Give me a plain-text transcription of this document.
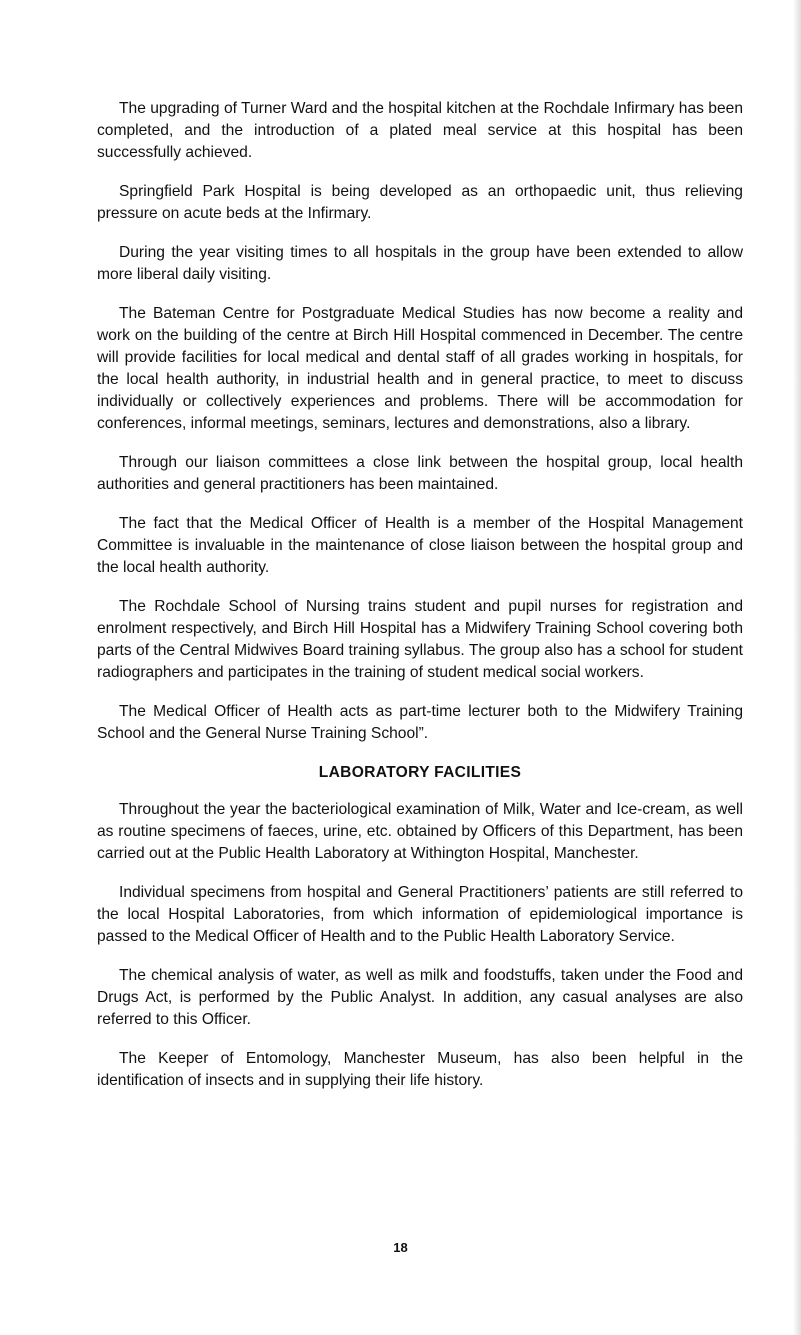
The upgrading of Turner Ward and the hospital kitchen at the Rochdale Infirmary has been completed, and the introduction of a plated meal service at this hospital has been successfully achieved.

Springfield Park Hospital is being developed as an orthopaedic unit, thus relieving pressure on acute beds at the Infirmary.

During the year visiting times to all hospitals in the group have been extended to allow more liberal daily visiting.

The Bateman Centre for Postgraduate Medical Studies has now become a reality and work on the building of the centre at Birch Hill Hospital commenced in December. The centre will provide facilities for local medical and dental staff of all grades working in hospitals, for the local health authority, in industrial health and in general practice, to meet to discuss individually or collectively experiences and problems. There will be accommodation for conferences, informal meetings, seminars, lectures and demonstrations, also a library.

Through our liaison committees a close link between the hospital group, local health authorities and general practitioners has been maintained.

The fact that the Medical Officer of Health is a member of the Hospital Management Committee is invaluable in the maintenance of close liaison between the hospital group and the local health authority.

The Rochdale School of Nursing trains student and pupil nurses for registration and enrolment respectively, and Birch Hill Hospital has a Midwifery Training School covering both parts of the Central Midwives Board training syllabus. The group also has a school for student radiographers and participates in the training of student medical social workers.

The Medical Officer of Health acts as part-time lecturer both to the Midwifery Training School and the General Nurse Training School”.

LABORATORY FACILITIES

Throughout the year the bacteriological examination of Milk, Water and Ice-cream, as well as routine specimens of faeces, urine, etc. obtained by Officers of this Department, has been carried out at the Public Health Laboratory at Withington Hospital, Manchester.

Individual specimens from hospital and General Practitioners’ patients are still referred to the local Hospital Laboratories, from which information of epidemiological importance is passed to the Medical Officer of Health and to the Public Health Laboratory Service.

The chemical analysis of water, as well as milk and foodstuffs, taken under the Food and Drugs Act, is performed by the Public Analyst. In addition, any casual analyses are also referred to this Officer.

The Keeper of Entomology, Manchester Museum, has also been helpful in the identification of insects and in supplying their life history.

18
